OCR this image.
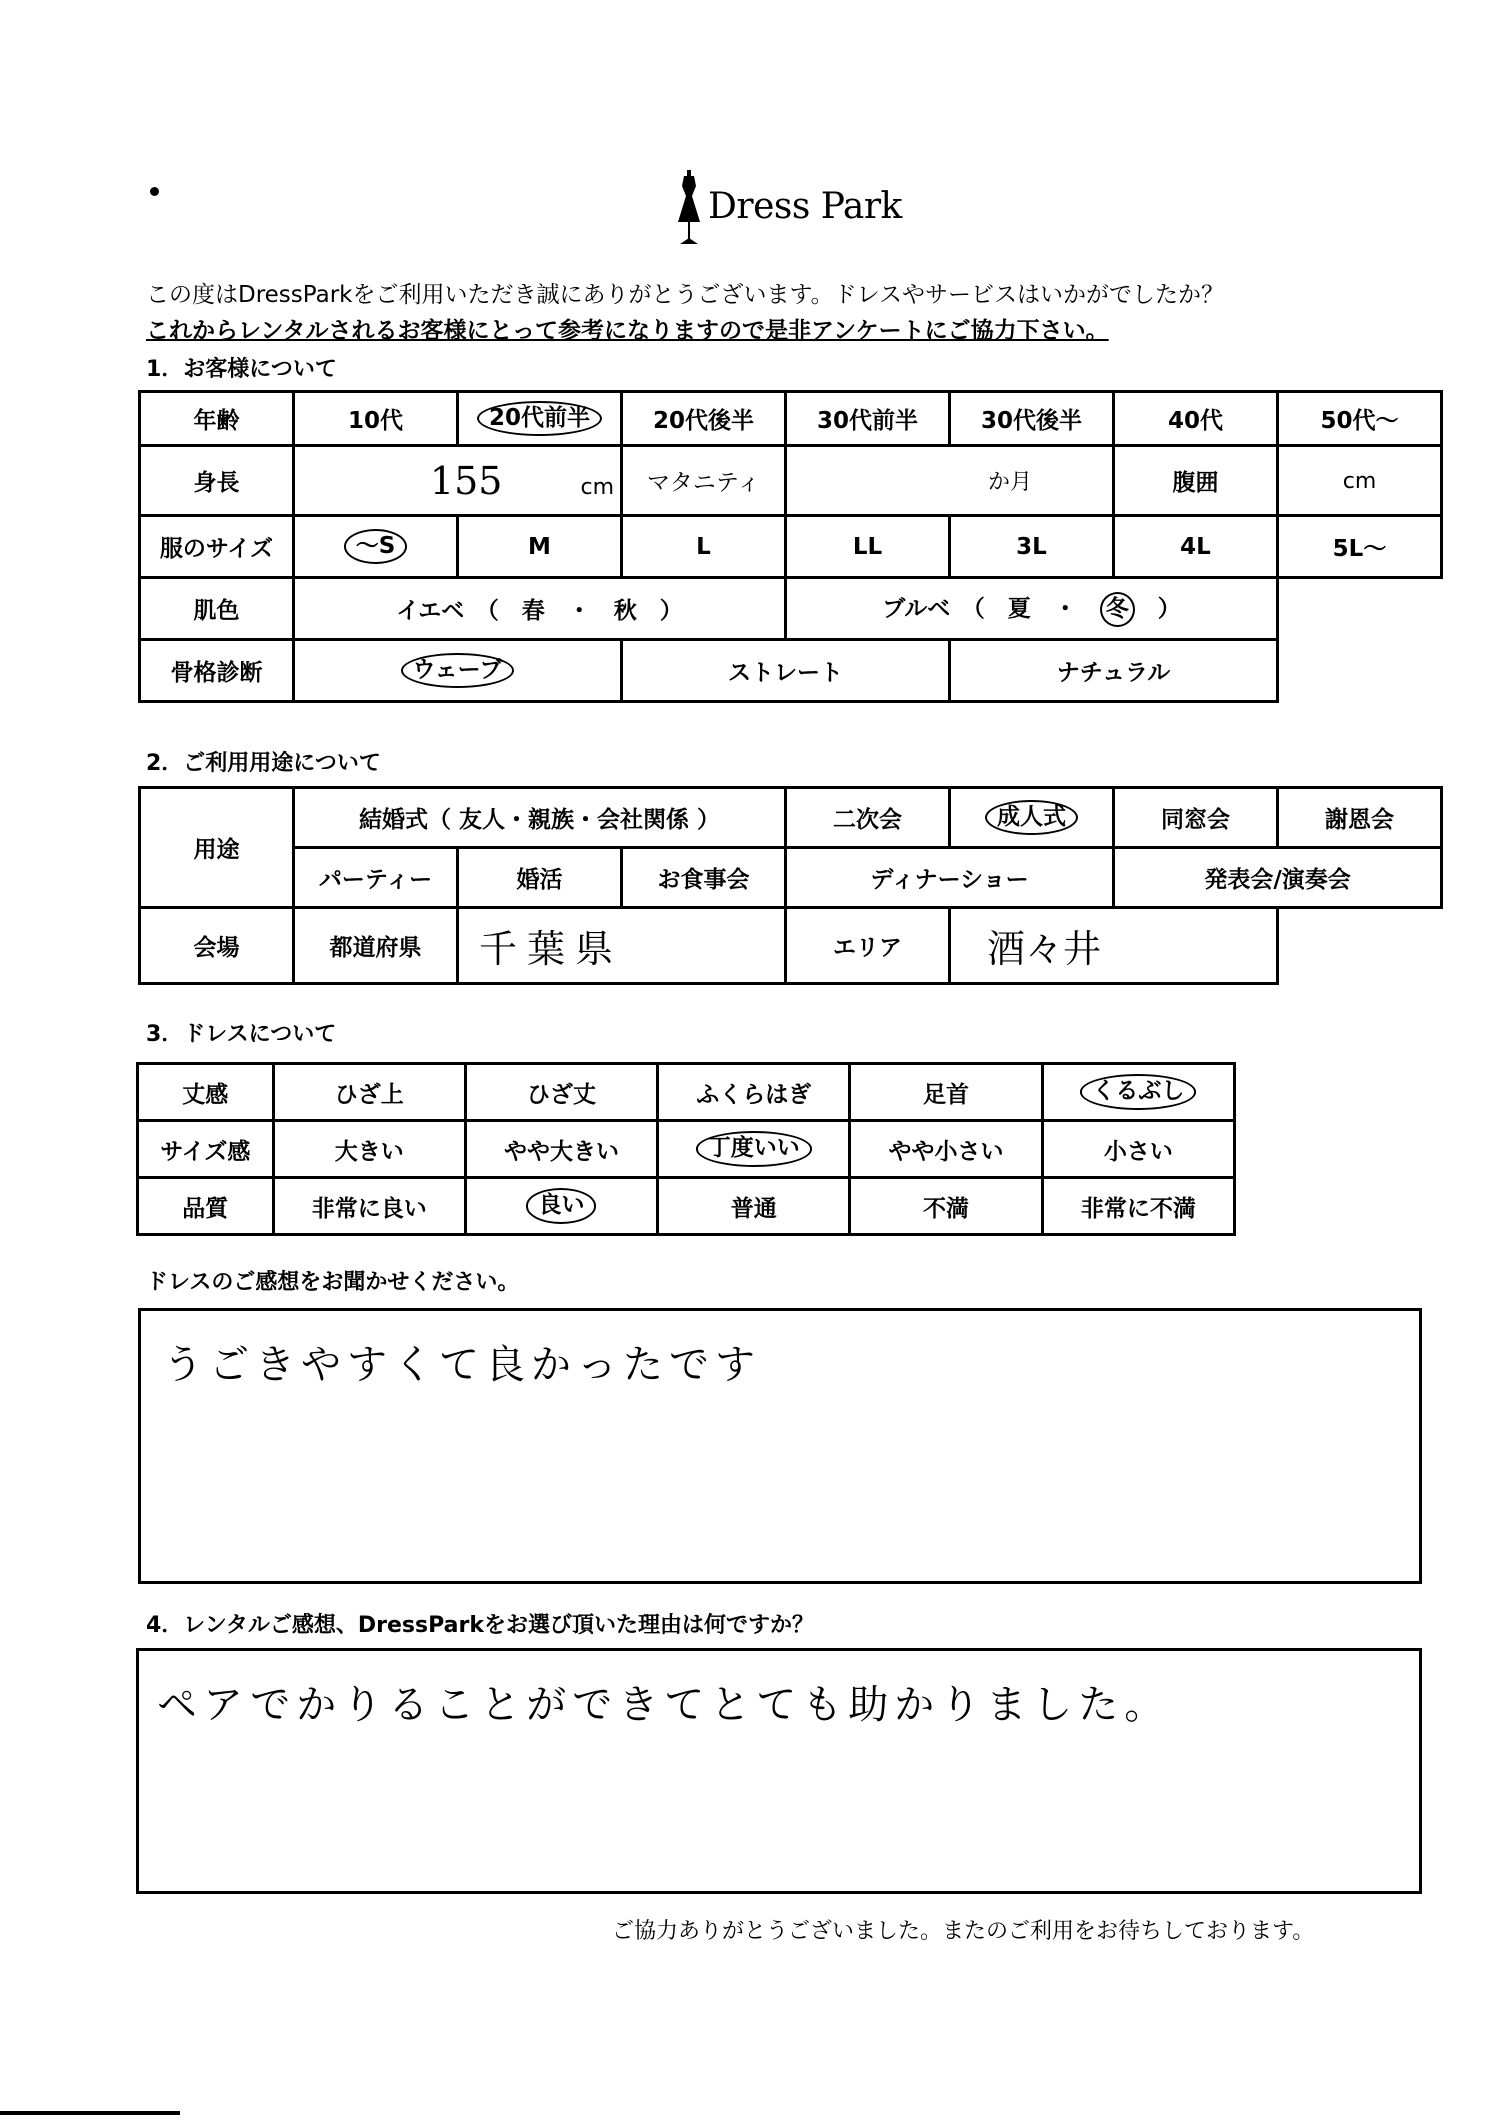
Dress Park
この度はDressParkをご利用いただき誠にありがとうございます。ドレスやサービスはいかがでしたか？
これからレンタルされるお客様にとって参考になりますので是非アンケートにご協力下さい。
1．お客様について
年齢	10代	20代前半	20代後半	30代前半	30代後半	40代	50代～
身長	155 cm		マタニティ	か月		腹囲	cm
服のサイズ	～S	M	L	LL	3L	4L	5L～
肌色	イエベ　（　春　・　秋　）			ブルベ　（　夏　・　冬　）			
骨格診断	ウェーブ		ストレート		ナチュラル		
2．ご利用用途について
用途	結婚式（ 友人・親族・会社関係 ）			二次会	成人式	同窓会	謝恩会
	パーティー	婚活	お食事会	ディナーショー		発表会/演奏会	
会場	都道府県	千葉県		エリア	酒々井		
3．ドレスについて
丈感	ひざ上	ひざ丈	ふくらはぎ	足首	くるぶし
サイズ感	大きい	やや大きい	丁度いい	やや小さい	小さい
品質	非常に良い	良い	普通	不満	非常に不満
ドレスのご感想をお聞かせください。
うごきやすくて良かったです
4．レンタルご感想、DressParkをお選び頂いた理由は何ですか？
ペアでかりることができてとても助かりました。
ご協力ありがとうございました。またのご利用をお待ちしております。
